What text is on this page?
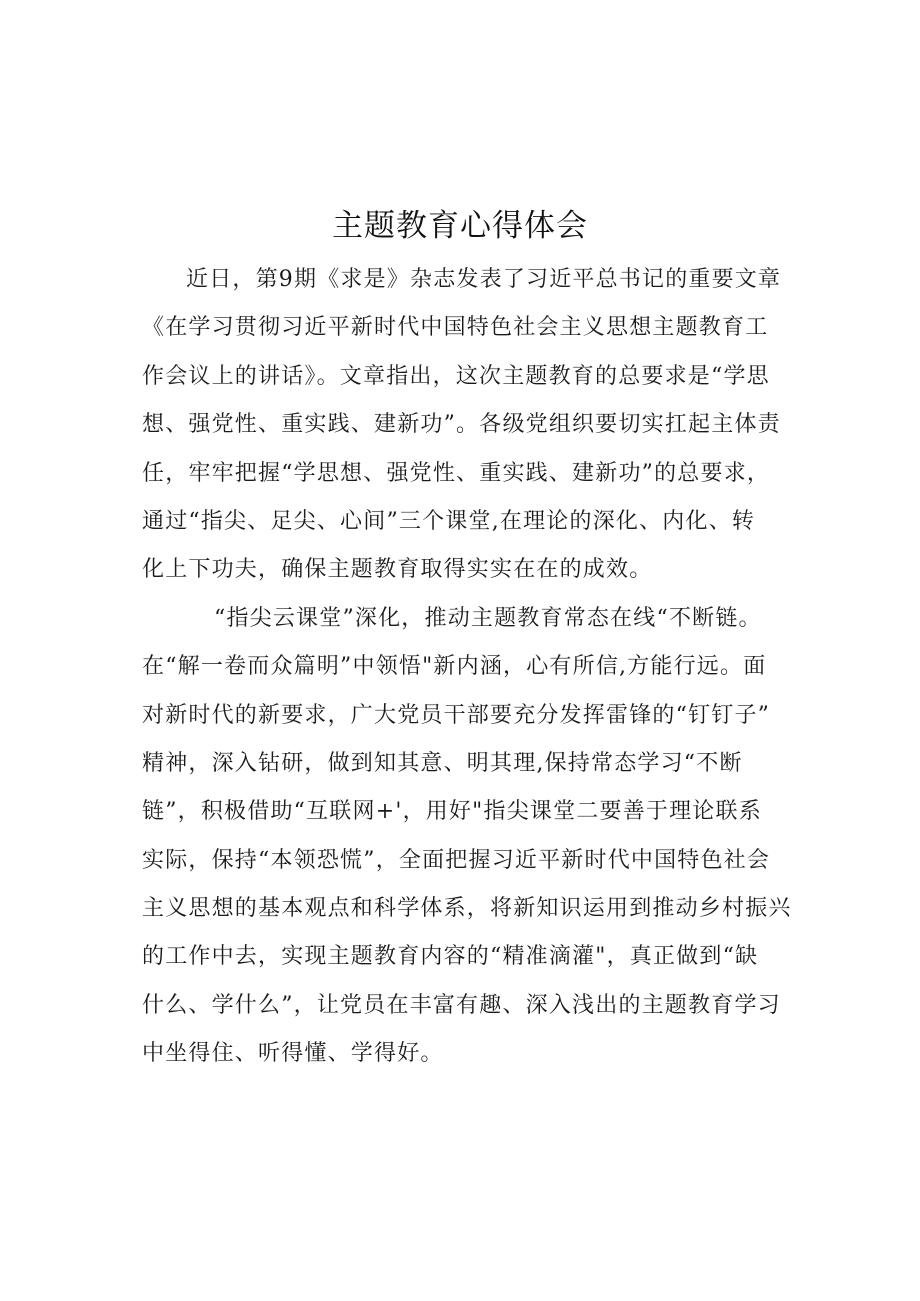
主题教育心得体会
近日，第9期《求是》杂志发表了习近平总书记的重要文章
《在学习贯彻习近平新时代中国特色社会主义思想主题教育工
作会议上的讲话》。文章指出，这次主题教育的总要求是“学思
想、强党性、重实践、建新功”。各级党组织要切实扛起主体责
任，牢牢把握“学思想、强党性、重实践、建新功”的总要求，
通过“指尖、足尖、心间”三个课堂,在理论的深化、内化、转
化上下功夫，确保主题教育取得实实在在的成效。
“指尖云课堂”深化，推动主题教育常态在线“不断链。
在“解一卷而众篇明”中领悟"新内涵，心有所信,方能行远。面
对新时代的新要求，广大党员干部要充分发挥雷锋的“钉钉子”
精神，深入钻研，做到知其意、明其理,保持常态学习“不断
链”，积极借助“互联网+'，用好"指尖课堂二要善于理论联系
实际，保持“本领恐慌”，全面把握习近平新时代中国特色社会
主义思想的基本观点和科学体系，将新知识运用到推动乡村振兴
的工作中去，实现主题教育内容的“精准滴灌"，真正做到“缺
什么、学什么”，让党员在丰富有趣、深入浅出的主题教育学习
中坐得住、听得懂、学得好。
